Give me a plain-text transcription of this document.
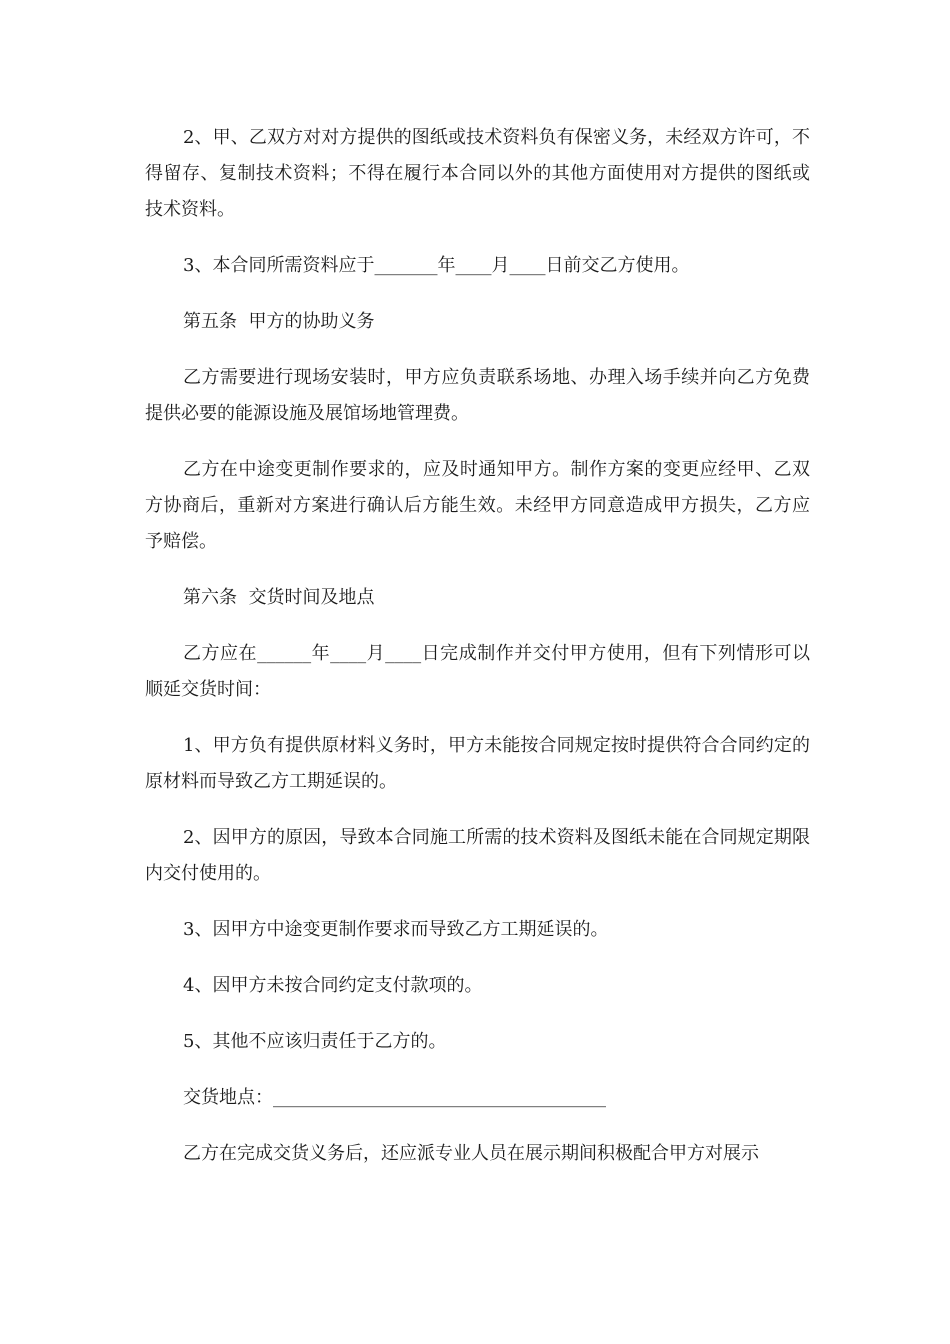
2、甲、乙双方对对方提供的图纸或技术资料负有保密义务，未经双方许可，不得留存、复制技术资料；不得在履行本合同以外的其他方面使用对方提供的图纸或技术资料。

3、本合同所需资料应于_______年____月____日前交乙方使用。

第五条  甲方的协助义务

乙方需要进行现场安装时，甲方应负责联系场地、办理入场手续并向乙方免费提供必要的能源设施及展馆场地管理费。

乙方在中途变更制作要求的，应及时通知甲方。制作方案的变更应经甲、乙双方协商后，重新对方案进行确认后方能生效。未经甲方同意造成甲方损失，乙方应予赔偿。

第六条  交货时间及地点

乙方应在______年____月____日完成制作并交付甲方使用，但有下列情形可以顺延交货时间：

1、甲方负有提供原材料义务时，甲方未能按合同规定按时提供符合合同约定的原材料而导致乙方工期延误的。

2、因甲方的原因，导致本合同施工所需的技术资料及图纸未能在合同规定期限内交付使用的。

3、因甲方中途变更制作要求而导致乙方工期延误的。

4、因甲方未按合同约定支付款项的。

5、其他不应该归责任于乙方的。

交货地点：_____________________________________

乙方在完成交货义务后，还应派专业人员在展示期间积极配合甲方对展示
